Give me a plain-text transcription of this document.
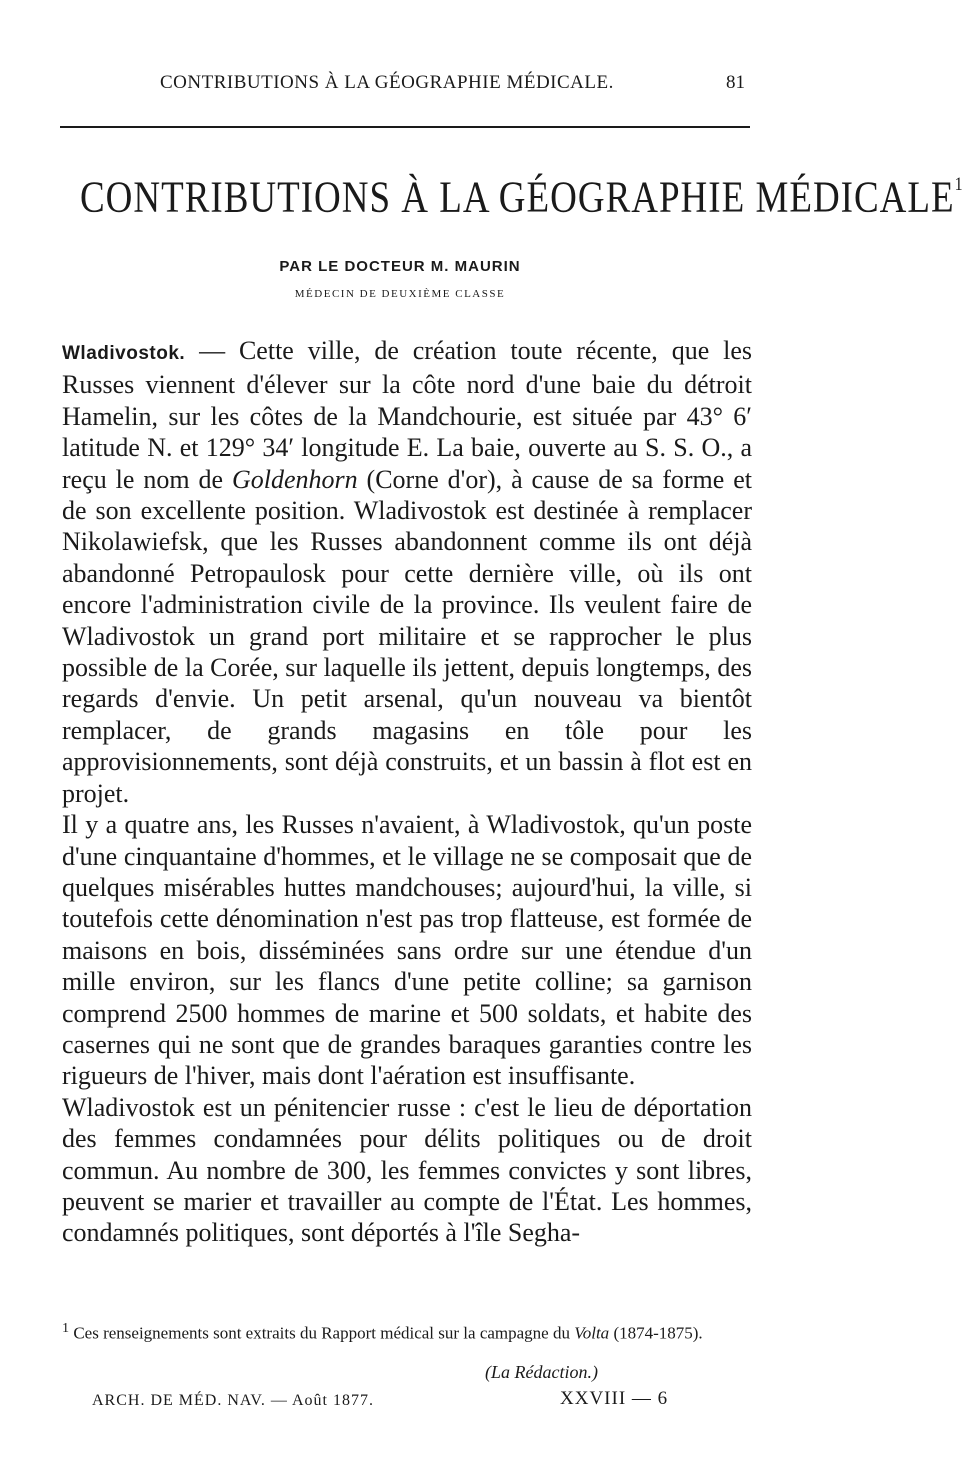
CONTRIBUTIONS À LA GÉOGRAPHIE MÉDICALE.	81
CONTRIBUTIONS À LA GÉOGRAPHIE MÉDICALE$^1$
PAR LE DOCTEUR M. MAURIN
MÉDECIN DE DEUXIÈME CLASSE

Wladivostok. — Cette ville, de création toute récente, que les Russes viennent d'élever sur la côte nord d'une baie du détroit Hamelin, sur les côtes de la Mandchourie, est située par 43° 6′ latitude N. et 129° 34′ longitude E. La baie, ouverte au S. S. O., a reçu le nom de Goldenhorn (Corne d'or), à cause de sa forme et de son excellente position. Wladivostok est destinée à remplacer Nikolawiefsk, que les Russes abandonnent comme ils ont déjà abandonné Petropaulosk pour cette dernière ville, où ils ont encore l'administration civile de la province. Ils veulent faire de Wladivostok un grand port militaire et se rapprocher le plus possible de la Corée, sur laquelle ils jettent, depuis longtemps, des regards d'envie. Un petit arsenal, qu'un nouveau va bientôt remplacer, de grands magasins en tôle pour les approvisionnements, sont déjà construits, et un bassin à flot est en projet.

Il y a quatre ans, les Russes n'avaient, à Wladivostok, qu'un poste d'une cinquantaine d'hommes, et le village ne se composait que de quelques misérables huttes mandchouses; aujourd'hui, la ville, si toutefois cette dénomination n'est pas trop flatteuse, est formée de maisons en bois, disséminées sans ordre sur une étendue d'un mille environ, sur les flancs d'une petite colline; sa garnison comprend 2500 hommes de marine et 500 soldats, et habite des casernes qui ne sont que de grandes baraques garanties contre les rigueurs de l'hiver, mais dont l'aération est insuffisante.

Wladivostok est un pénitencier russe : c'est le lieu de déportation des femmes condamnées pour délits politiques ou de droit commun. Au nombre de 300, les femmes convictes y sont libres, peuvent se marier et travailler au compte de l'État. Les hommes, condamnés politiques, sont déportés à l'île Segha-

$^1$ Ces renseignements sont extraits du Rapport médical sur la campagne du Volta (1874-1875).
(La Rédaction.)
ARCH. DE MÉD. NAV. — Août 1877.	XXVIII — 6
